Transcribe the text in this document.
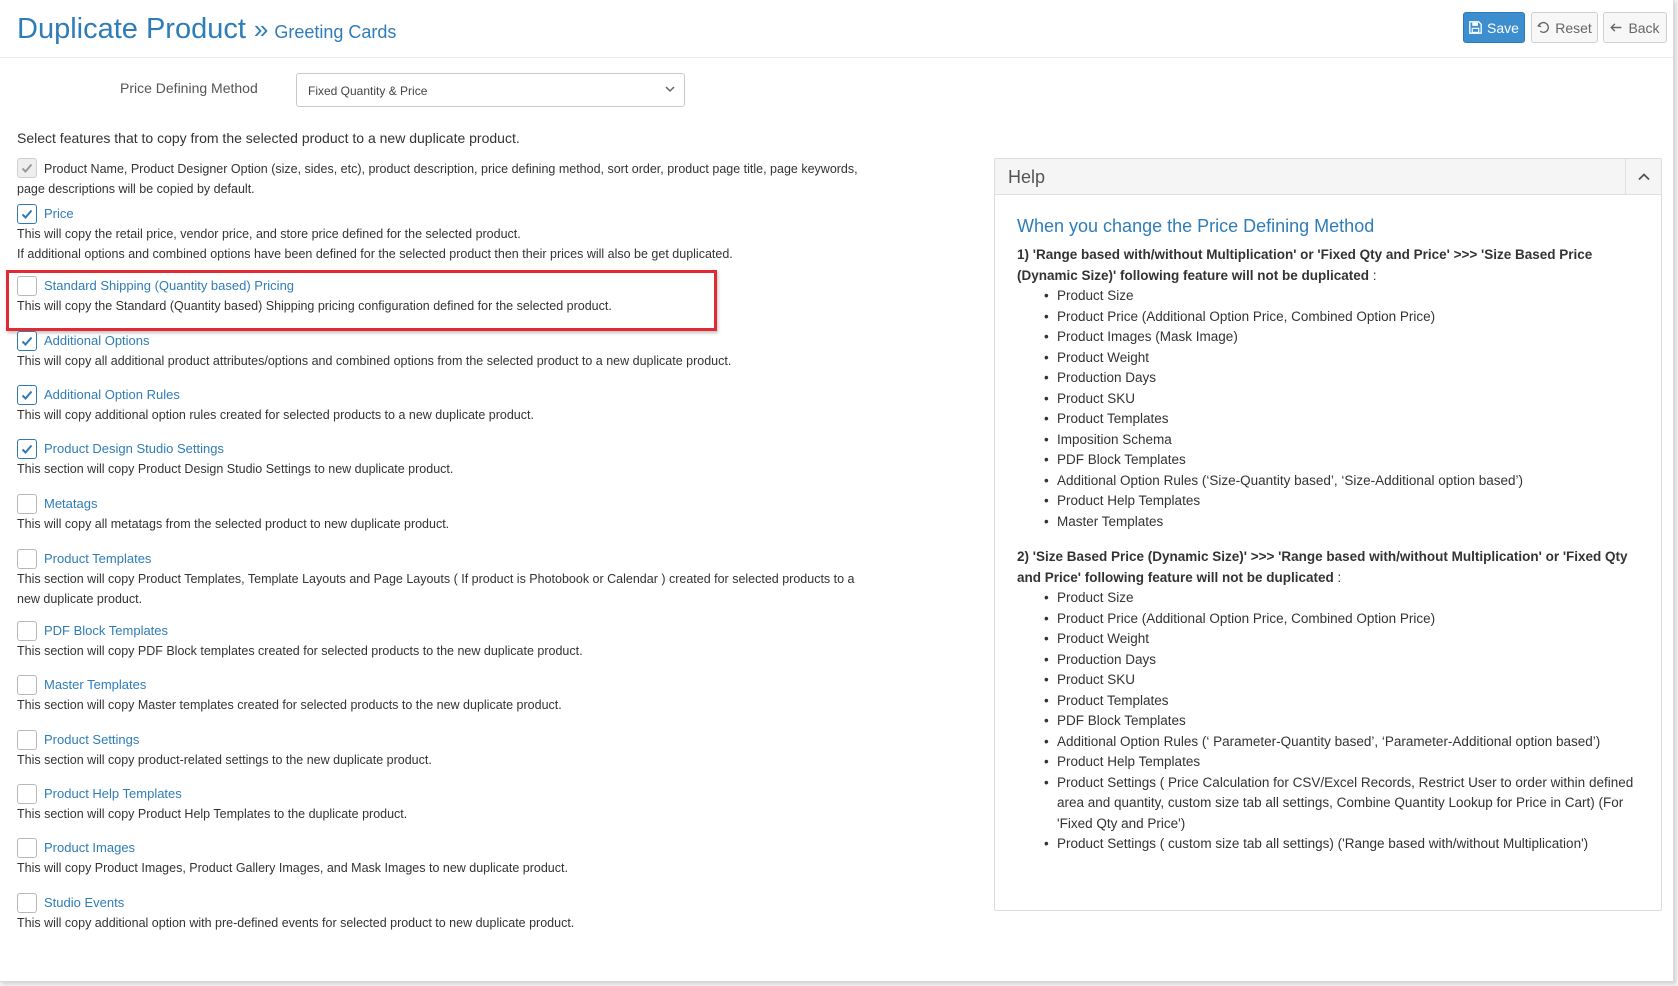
Duplicate Product » Greeting Cards	Save	Reset	Back
Price Defining Method	Fixed Quantity & Price
Select features that to copy from the selected product to a new duplicate product.
Product Name, Product Designer Option (size, sides, etc), product description, price defining method, sort order, product page title, page keywords,
page descriptions will be copied by default.
Price
This will copy the retail price, vendor price, and store price defined for the selected product.
If additional options and combined options have been defined for the selected product then their prices will also be get duplicated.
Standard Shipping (Quantity based) Pricing
This will copy the Standard (Quantity based) Shipping pricing configuration defined for the selected product.
Additional Options
This will copy all additional product attributes/options and combined options from the selected product to a new duplicate product.
Additional Option Rules
This will copy additional option rules created for selected products to a new duplicate product.
Product Design Studio Settings
This section will copy Product Design Studio Settings to new duplicate product.
Metatags
This will copy all metatags from the selected product to new duplicate product.
Product Templates
This section will copy Product Templates, Template Layouts and Page Layouts ( If product is Photobook or Calendar ) created for selected products to a
new duplicate product.
PDF Block Templates
This section will copy PDF Block templates created for selected products to the new duplicate product.
Master Templates
This section will copy Master templates created for selected products to the new duplicate product.
Product Settings
This section will copy product-related settings to the new duplicate product.
Product Help Templates
This section will copy Product Help Templates to the duplicate product.
Product Images
This will copy Product Images, Product Gallery Images, and Mask Images to new duplicate product.
Studio Events
This will copy additional option with pre-defined events for selected product to new duplicate product.
Help
When you change the Price Defining Method
1) 'Range based with/without Multiplication' or 'Fixed Qty and Price' >>> 'Size Based Price (Dynamic Size)' following feature will not be duplicated :
• Product Size
• Product Price (Additional Option Price, Combined Option Price)
• Product Images (Mask Image)
• Product Weight
• Production Days
• Product SKU
• Product Templates
• Imposition Schema
• PDF Block Templates
• Additional Option Rules (‘Size-Quantity based’, ‘Size-Additional option based’)
• Product Help Templates
• Master Templates
2) 'Size Based Price (Dynamic Size)' >>> 'Range based with/without Multiplication' or 'Fixed Qty and Price' following feature will not be duplicated :
• Product Size
• Product Price (Additional Option Price, Combined Option Price)
• Product Weight
• Production Days
• Product SKU
• Product Templates
• PDF Block Templates
• Additional Option Rules (‘ Parameter-Quantity based’, ‘Parameter-Additional option based’)
• Product Help Templates
• Product Settings ( Price Calculation for CSV/Excel Records, Restrict User to order within defined area and quantity, custom size tab all settings, Combine Quantity Lookup for Price in Cart) (For 'Fixed Qty and Price')
• Product Settings ( custom size tab all settings) ('Range based with/without Multiplication')
